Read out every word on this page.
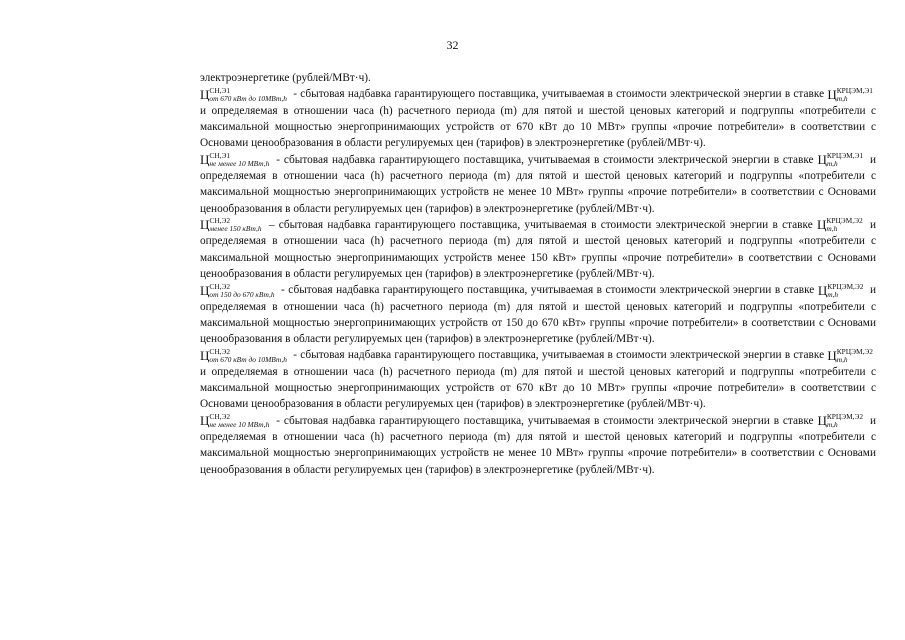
32

электроэнергетике (рублей/МВт·ч).

Ц СН,Э1
от 670 кВт до 10МВт,h - сбытовая надбавка гарантирующего поставщика, учитываемая в стоимости электрической энергии в ставке Ц КРЦЭМ,Э1
m,h
и определяемая в отношении часа (h) расчетного периода (m) для пятой и шестой ценовых категорий и подгруппы «потребители с максимальной мощностью энергопринимающих устройств от 670 кВт до 10 МВт» группы «прочие потребители» в соответствии с Основами ценообразования в области регулируемых цен (тарифов) в электроэнергетике (рублей/МВт·ч).

Ц СН,Э1
не менее 10 МВт,h - сбытовая надбавка гарантирующего поставщика, учитываемая в стоимости электрической энергии в ставке Ц КРЦЭМ,Э1
m,h	и определяемая в отношении часа (h) расчетного периода (m) для пятой и шестой ценовых категорий и подгруппы «потребители с максимальной мощностью энергопринимающих устройств не менее 10 МВт» группы «прочие потребители» в соответствии с Основами ценообразования в области регулируемых цен (тарифов) в электроэнергетике (рублей/МВт·ч).

Ц СН,Э2
менее 150 кВт,h – сбытовая надбавка гарантирующего поставщика, учитываемая в стоимости электрической энергии в ставке Ц КРЦЭМ,Э2
m,h	и определяемая в отношении часа (h) расчетного периода (m) для пятой и шестой ценовых категорий и подгруппы «потребители с максимальной мощностью энергопринимающих устройств менее 150 кВт» группы «прочие потребители» в соответствии с Основами ценообразования в области регулируемых цен (тарифов) в электроэнергетике (рублей/МВт·ч).

Ц СН,Э2
от 150 до 670 кВт,h - сбытовая надбавка гарантирующего поставщика, учитываемая в стоимости электрической энергии в ставке Ц КРЦЭМ,Э2
m,h	и определяемая в отношении часа (h) расчетного периода (m) для пятой и шестой ценовых категорий и подгруппы «потребители с максимальной мощностью энергопринимающих устройств от 150 до 670 кВт» группы «прочие потребители» в соответствии с Основами ценообразования в области регулируемых цен (тарифов) в электроэнергетике (рублей/МВт·ч).

Ц СН,Э2
от 670 кВт до 10МВт,h - сбытовая надбавка гарантирующего поставщика, учитываемая в стоимости электрической энергии в ставке Ц КРЦЭМ,Э2
m,h
и определяемая в отношении часа (h) расчетного периода (m) для пятой и шестой ценовых категорий и подгруппы «потребители с максимальной мощностью энергопринимающих устройств от 670 кВт до 10 МВт» группы «прочие потребители» в соответствии с Основами ценообразования в области регулируемых цен (тарифов) в электроэнергетике (рублей/МВт·ч).

Ц СН,Э2
не менее 10 МВт,h - сбытовая надбавка гарантирующего поставщика, учитываемая в стоимости электрической энергии в ставке Ц КРЦЭМ,Э2
m,h	и определяемая в отношении часа (h) расчетного периода (m) для пятой и шестой ценовых категорий и подгруппы «потребители с максимальной мощностью энергопринимающих устройств не менее 10 МВт» группы «прочие потребители» в соответствии с Основами ценообразования в области регулируемых цен (тарифов) в электроэнергетике (рублей/МВт·ч).
